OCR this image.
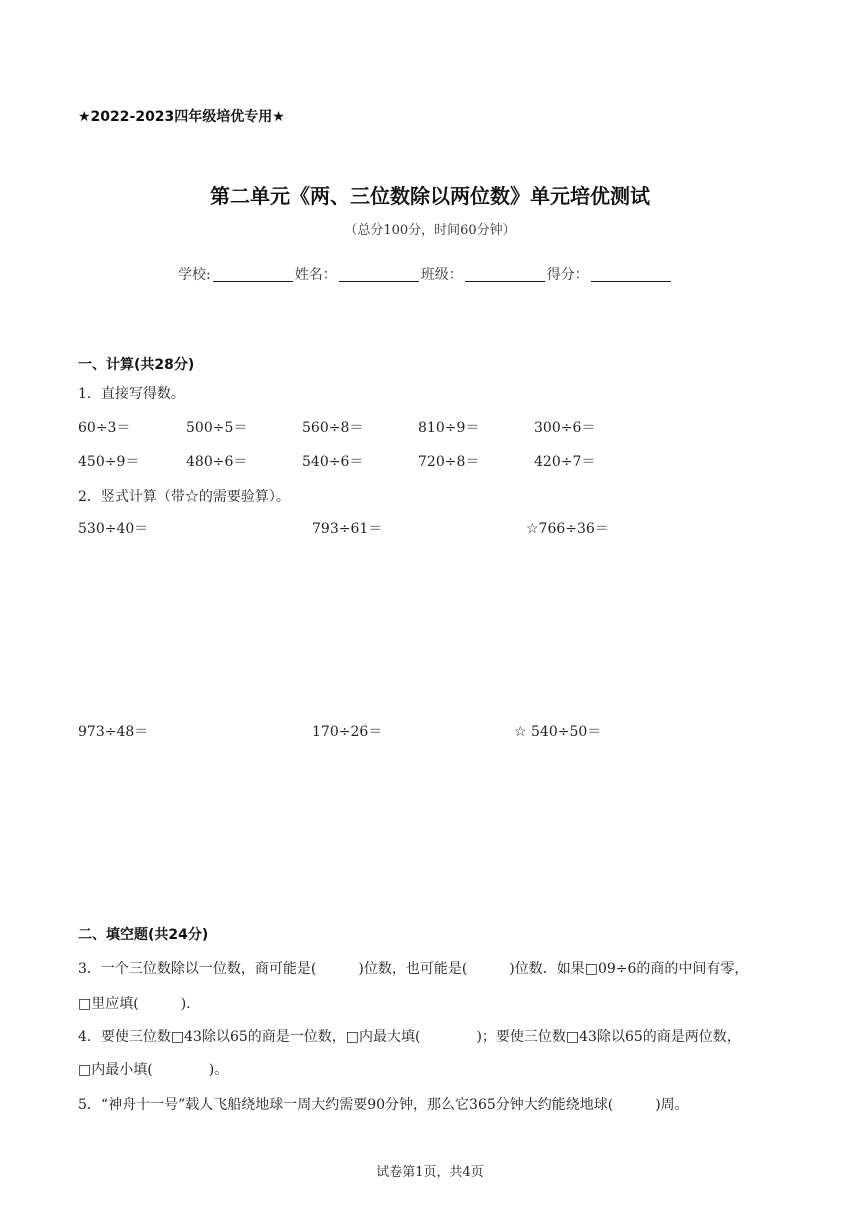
★2022-2023四年级培优专用★
第二单元《两、三位数除以两位数》单元培优测试
（总分100分，时间60分钟）
学校:	姓名：	班级：	得分：
一、计算(共28分)
1．直接写得数。
60÷3＝	500÷5＝	560÷8＝	810÷9＝	300÷6＝
450÷9＝	480÷6＝	540÷6＝	720÷8＝	420÷7＝
2．竖式计算（带☆的需要验算）。
530÷40＝	793÷61＝	☆766÷36＝
973÷48＝	170÷26＝	☆ 540÷50＝
二、填空题(共24分)
3．一个三位数除以一位数，商可能是(　　　)位数，也可能是(　　　)位数．如果□09÷6的商的中间有零，
□里应填(　　　).
4．要使三位数□43除以65的商是一位数，□内最大填(　　　　)；要使三位数□43除以65的商是两位数，
□内最小填(　　　　)。
5．“神舟十一号”载人飞船绕地球一周大约需要90分钟，那么它365分钟大约能绕地球(　　　)周。
试卷第1页，共4页
